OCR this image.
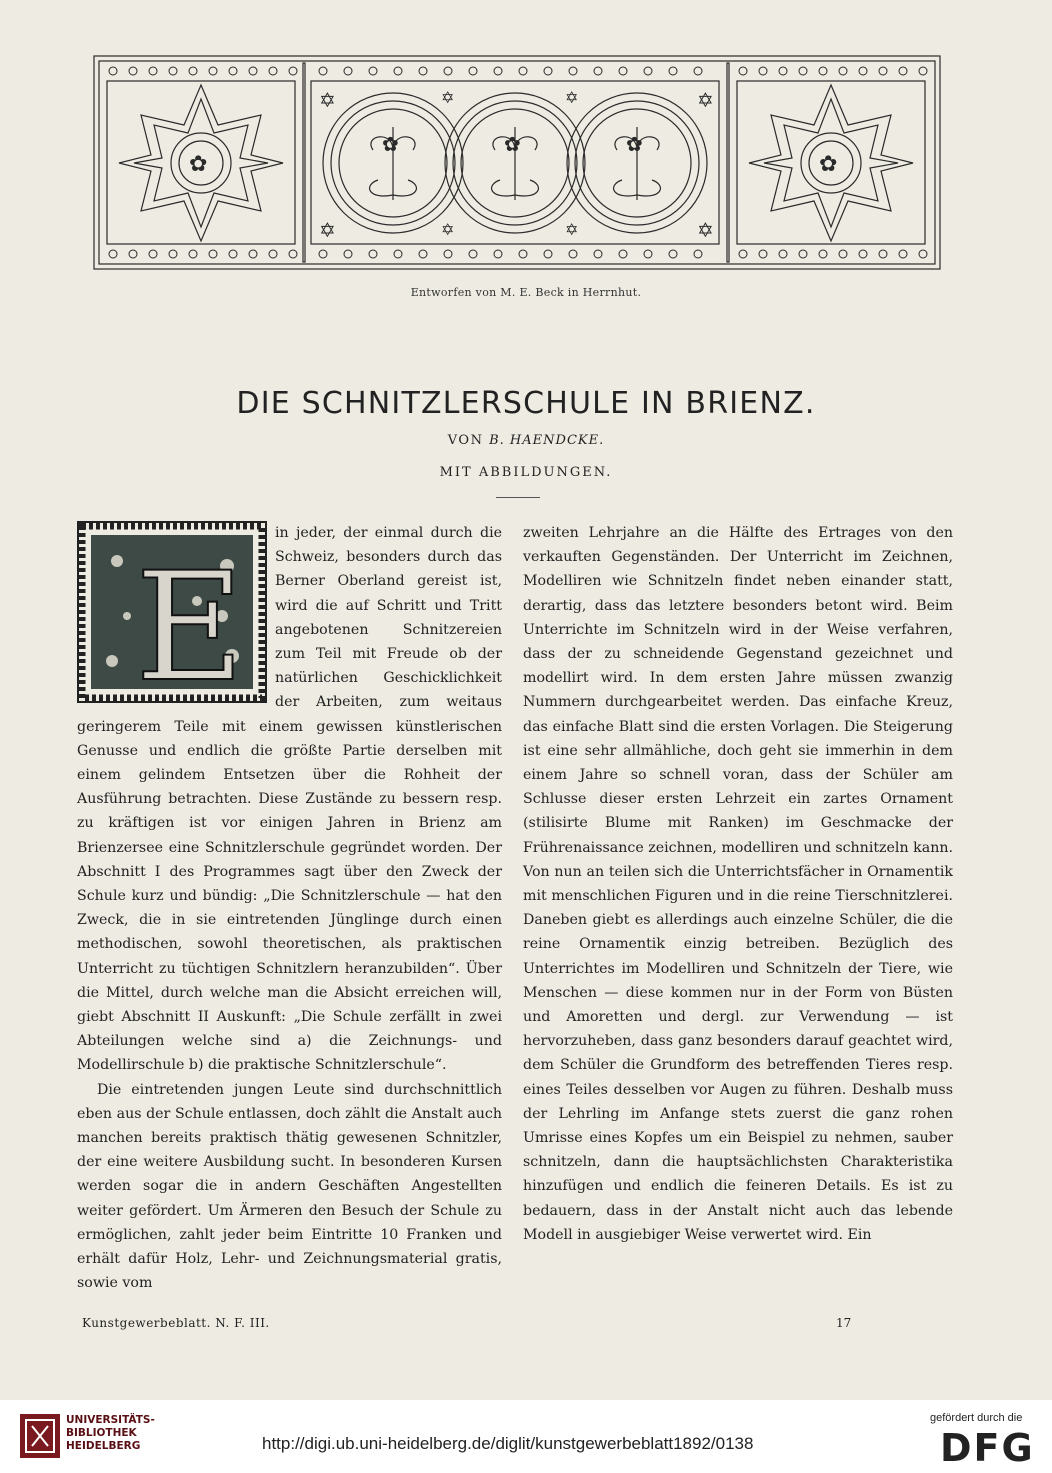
✡	✡	✡	✡
✡	✡	✡	✡
✿	✿
✿	✿	✿
Entworfen von M. E. Beck in Herrnhut.
DIE SCHNITZLERSCHULE IN BRIENZ.
VON B. HAENDCKE.
MIT ABBILDUNGEN.
E

in jeder, der einmal durch die Schweiz, besonders durch das Berner Oberland gereist ist, wird die auf Schritt und Tritt angebotenen Schnitzereien zum Teil mit Freude ob der natürlichen Geschicklichkeit der Arbeiten, zum weitaus geringerem Teile mit einem gewissen künstlerischen Genusse und endlich die größte Partie derselben mit einem gelindem Entsetzen über die Rohheit der Ausführung betrachten. Diese Zustände zu bessern resp. zu kräftigen ist vor einigen Jahren in Brienz am Brienzersee eine Schnitzlerschule gegründet worden. Der Abschnitt I des Programmes sagt über den Zweck der Schule kurz und bündig: „Die Schnitzlerschule — hat den Zweck, die in sie eintretenden Jünglinge durch einen methodischen, sowohl theoretischen, als praktischen Unterricht zu tüchtigen Schnitzlern heranzubilden“. Über die Mittel, durch welche man die Absicht erreichen will, giebt Abschnitt II Auskunft: „Die Schule zerfällt in zwei Abteilungen welche sind a) die Zeichnungs- und Modellirschule b) die praktische Schnitzlerschule“.

Die eintretenden jungen Leute sind durchschnittlich eben aus der Schule entlassen, doch zählt die Anstalt auch manchen bereits praktisch thätig gewesenen Schnitzler, der eine weitere Ausbildung sucht. In besonderen Kursen werden sogar die in andern Geschäften Angestellten weiter gefördert. Um Ärmeren den Besuch der Schule zu ermöglichen, zahlt jeder beim Eintritte 10 Franken und erhält dafür Holz, Lehr- und Zeichnungsmaterial gratis, sowie vom

zweiten Lehrjahre an die Hälfte des Ertrages von den verkauften Gegenständen. Der Unterricht im Zeichnen, Modelliren wie Schnitzeln findet neben einander statt, derartig, dass das letztere besonders betont wird. Beim Unterrichte im Schnitzeln wird in der Weise verfahren, dass der zu schneidende Gegenstand gezeichnet und modellirt wird. In dem ersten Jahre müssen zwanzig Nummern durchgearbeitet werden. Das einfache Kreuz, das einfache Blatt sind die ersten Vorlagen. Die Steigerung ist eine sehr allmähliche, doch geht sie immerhin in dem einem Jahre so schnell voran, dass der Schüler am Schlusse dieser ersten Lehrzeit ein zartes Ornament (stilisirte Blume mit Ranken) im Geschmacke der Frührenaissance zeichnen, modelliren und schnitzeln kann. Von nun an teilen sich die Unterrichtsfächer in Ornamentik mit menschlichen Figuren und in die reine Tierschnitzlerei. Daneben giebt es allerdings auch einzelne Schüler, die die reine Ornamentik einzig betreiben. Bezüglich des Unterrichtes im Modelliren und Schnitzeln der Tiere, wie Menschen — diese kommen nur in der Form von Büsten und Amoretten und dergl. zur Verwendung — ist hervorzuheben, dass ganz besonders darauf geachtet wird, dem Schüler die Grundform des betreffenden Tieres resp. eines Teiles desselben vor Augen zu führen. Deshalb muss der Lehrling im Anfange stets zuerst die ganz rohen Umrisse eines Kopfes um ein Beispiel zu nehmen, sauber schnitzeln, dann die hauptsächlichsten Charakteristika hinzufügen und endlich die feineren Details. Es ist zu bedauern, dass in der Anstalt nicht auch das lebende Modell in ausgiebiger Weise verwertet wird. Ein

Kunstgewerbeblatt. N. F. III.	17
UNIVERSITÄTS-
BIBLIOTHEK
HEIDELBERG	http://digi.ub.uni-heidelberg.de/diglit/kunstgewerbeblatt1892/0138
gefördert durch die
DFG
